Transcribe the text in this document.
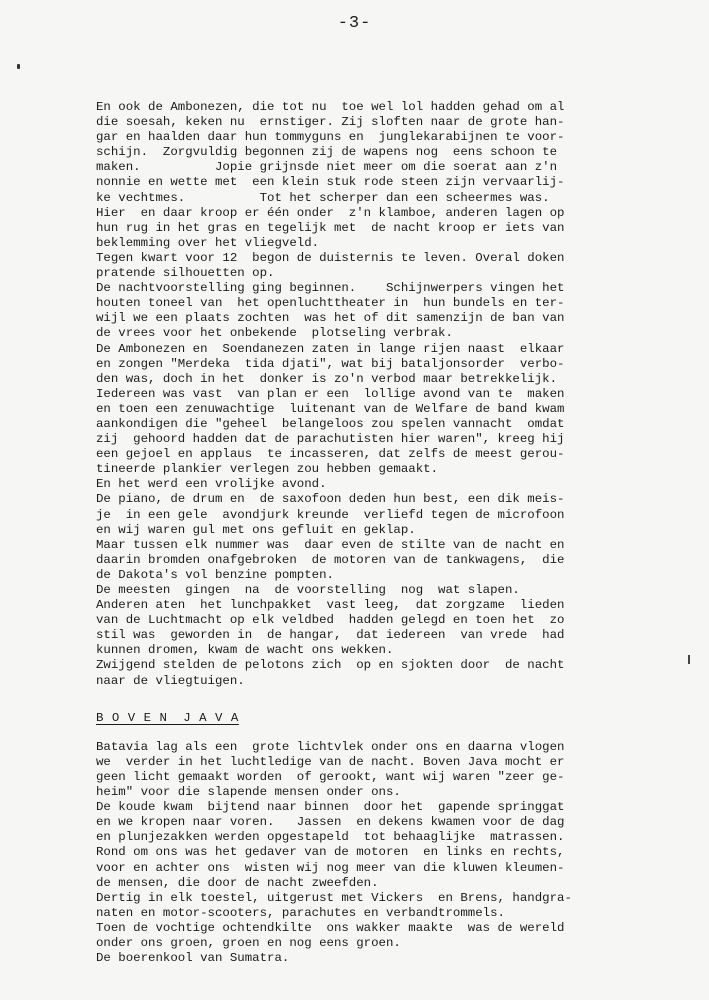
-3-
En ook de Ambonezen, die tot nu  toe wel lol hadden gehad om al
die soesah, keken nu  ernstiger. Zij sloften naar de grote han-
gar en haalden daar hun tommyguns en  junglekarabijnen te voor-
schijn.  Zorgvuldig begonnen zij de wapens nog  eens schoon te
maken.          Jopie grijnsde niet meer om die soerat aan z'n
nonnie en wette met  een klein stuk rode steen zijn vervaarlij-
ke vechtmes.          Tot het scherper dan een scheermes was.
Hier  en daar kroop er één onder  z'n klamboe, anderen lagen op
hun rug in het gras en tegelijk met  de nacht kroop er iets van
beklemming over het vliegveld.
Tegen kwart voor 12  begon de duisternis te leven. Overal doken
pratende silhouetten op.
De nachtvoorstelling ging beginnen.    Schijnwerpers vingen het
houten toneel van  het openluchttheater in  hun bundels en ter-
wijl we een plaats zochten  was het of dit samenzijn de ban van
de vrees voor het onbekende  plotseling verbrak.
De Ambonezen en  Soendanezen zaten in lange rijen naast  elkaar
en zongen "Merdeka  tida djati", wat bij bataljonsorder  verbo-
den was, doch in het  donker is zo'n verbod maar betrekkelijk.
Iedereen was vast  van plan er een  lollige avond van te  maken
en toen een zenuwachtige  luitenant van de Welfare de band kwam
aankondigen die "geheel  belangeloos zou spelen vannacht  omdat
zij  gehoord hadden dat de parachutisten hier waren", kreeg hij
een gejoel en applaus  te incasseren, dat zelfs de meest gerou-
tineerde plankier verlegen zou hebben gemaakt.
En het werd een vrolijke avond.
De piano, de drum en  de saxofoon deden hun best, een dik meis-
je  in een gele  avondjurk kreunde  verliefd tegen de microfoon
en wij waren gul met ons gefluit en geklap.
Maar tussen elk nummer was  daar even de stilte van de nacht en
daarin bromden onafgebroken  de motoren van de tankwagens,  die
de Dakota's vol benzine pompten.
De meesten  gingen  na  de voorstelling  nog  wat slapen.
Anderen aten  het lunchpakket  vast leeg,  dat zorgzame  lieden
van de Luchtmacht op elk veldbed  hadden gelegd en toen het  zo
stil was  geworden in  de hangar,  dat iedereen  van vrede  had
kunnen dromen, kwam de wacht ons wekken.
Zwijgend stelden de pelotons zich  op en sjokten door  de nacht
naar de vliegtuigen.
B O V E N  J A V A
Batavia lag als een  grote lichtvlek onder ons en daarna vlogen
we  verder in het luchtledige van de nacht. Boven Java mocht er
geen licht gemaakt worden  of gerookt, want wij waren "zeer ge-
heim" voor die slapende mensen onder ons.
De koude kwam  bijtend naar binnen  door het  gapende springgat
en we kropen naar voren.   Jassen  en dekens kwamen voor de dag
en plunjezakken werden opgestapeld  tot behaaglijke  matrassen.
Rond om ons was het gedaver van de motoren  en links en rechts,
voor en achter ons  wisten wij nog meer van die kluwen kleumen-
de mensen, die door de nacht zweefden.
Dertig in elk toestel, uitgerust met Vickers  en Brens, handgra-
naten en motor-scooters, parachutes en verbandtrommels.
Toen de vochtige ochtendkilte  ons wakker maakte  was de wereld
onder ons groen, groen en nog eens groen.
De boerenkool van Sumatra.
